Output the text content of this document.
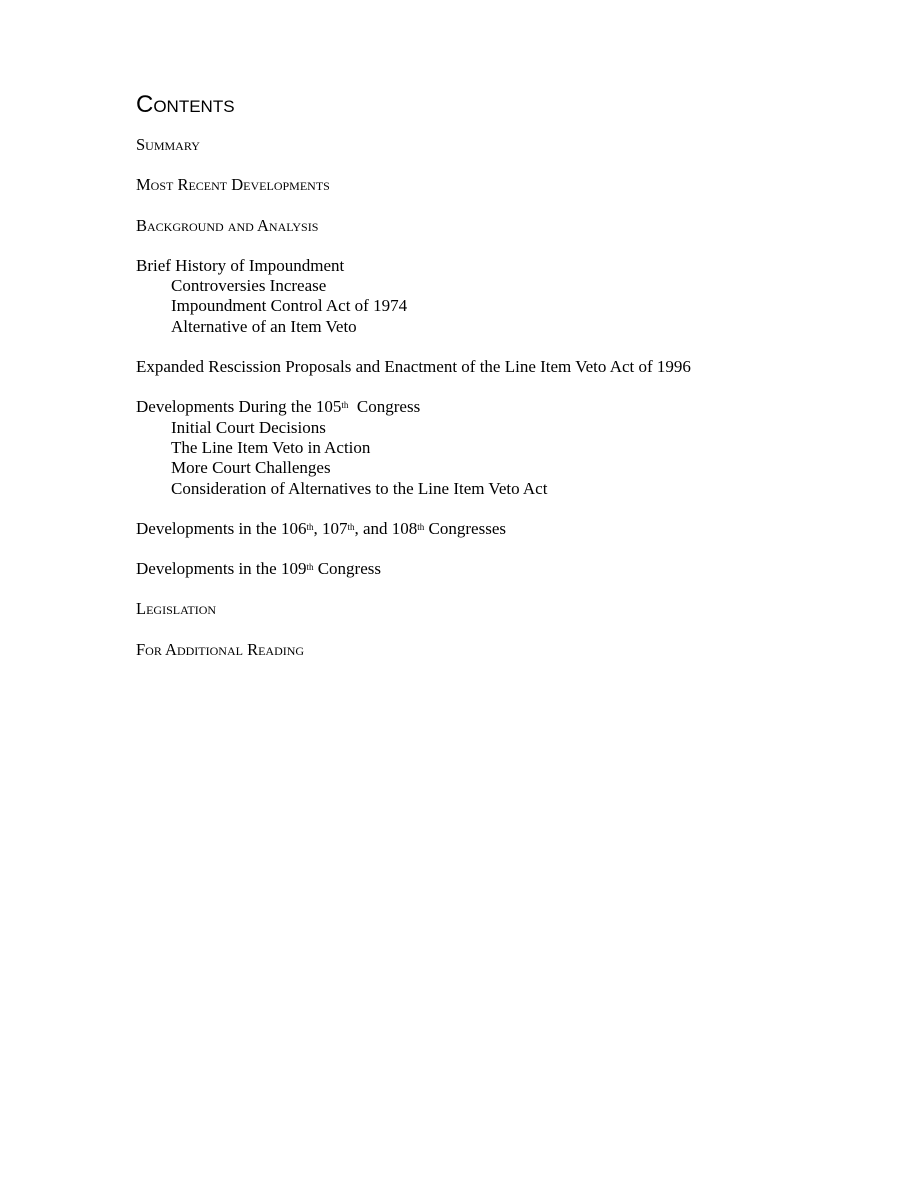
Contents
Summary
Most Recent Developments
Background and Analysis
Brief History of Impoundment
Controversies Increase
Impoundment Control Act of 1974
Alternative of an Item Veto
Expanded Rescission Proposals and Enactment of the Line Item Veto Act of 1996
Developments During the 105th  Congress
Initial Court Decisions
The Line Item Veto in Action
More Court Challenges
Consideration of Alternatives to the Line Item Veto Act
Developments in the 106th, 107th, and 108th Congresses
Developments in the 109th Congress
Legislation
For Additional Reading
